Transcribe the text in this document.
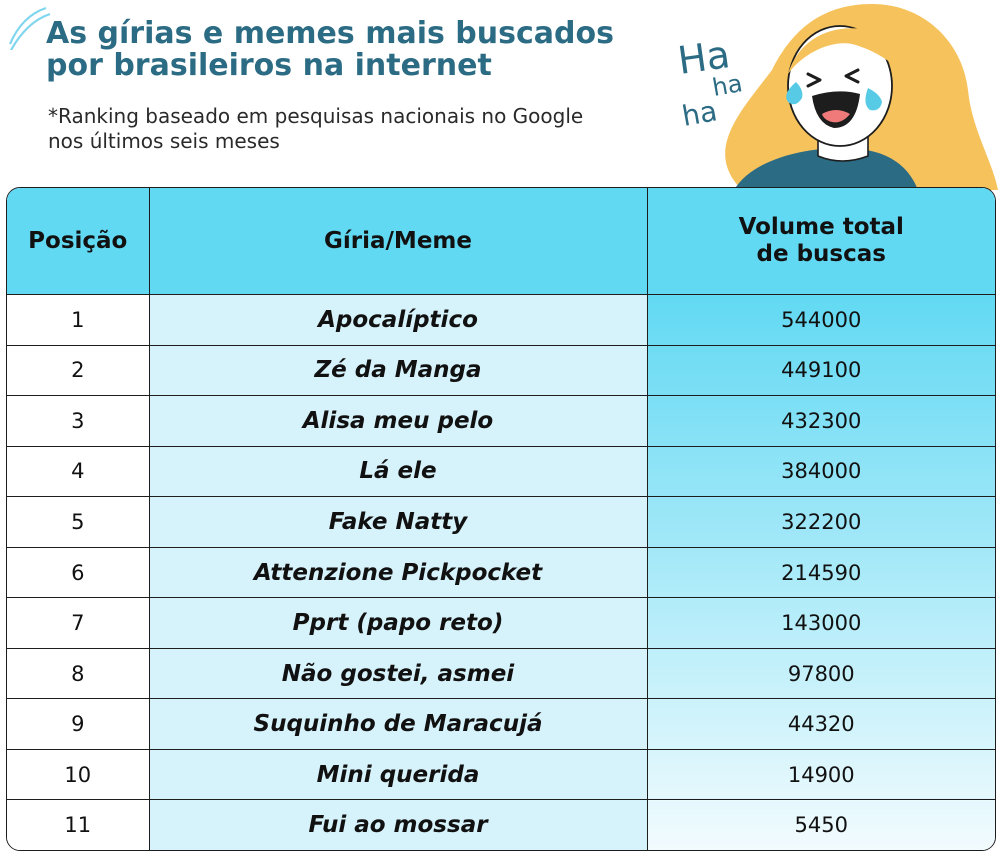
As gírias e memes mais buscados por brasileiros na internet

*Ranking baseado em pesquisas nacionais no Google nos últimos seis meses

Ha
ha
ha
Posição	Gíria/Meme	Volume total de buscas
1	Apocalíptico	544000
2	Zé da Manga	449100
3	Alisa meu pelo	432300
4	Lá ele	384000
5	Fake Natty	322200
6	Attenzione Pickpocket	214590
7	Pprt (papo reto)	143000
8	Não gostei, asmei	97800
9	Suquinho de Maracujá	44320
10	Mini querida	14900
11	Fui ao mossar	5450
